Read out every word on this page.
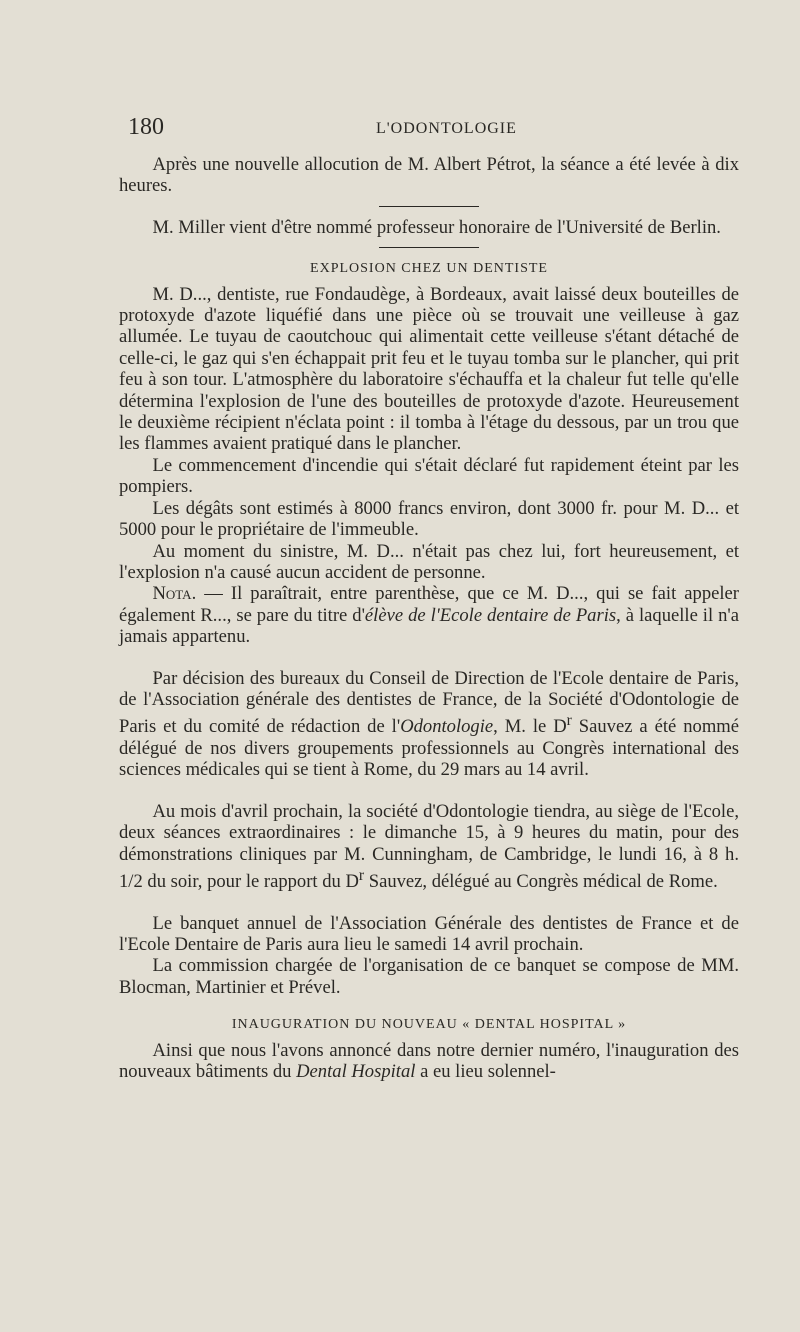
180	L'ODONTOLOGIE

Après une nouvelle allocution de M. Albert Pétrot, la séance a été levée à dix heures.

M. Miller vient d'être nommé professeur honoraire de l'Université de Berlin.

EXPLOSION CHEZ UN DENTISTE

M. D..., dentiste, rue Fondaudège, à Bordeaux, avait laissé deux bouteilles de protoxyde d'azote liquéfié dans une pièce où se trouvait une veilleuse à gaz allumée. Le tuyau de caoutchouc qui alimentait cette veilleuse s'étant détaché de celle-ci, le gaz qui s'en échappait prit feu et le tuyau tomba sur le plancher, qui prit feu à son tour. L'atmosphère du laboratoire s'échauffa et la chaleur fut telle qu'elle détermina l'explosion de l'une des bouteilles de protoxyde d'azote. Heureusement le deuxième récipient n'éclata point : il tomba à l'étage du dessous, par un trou que les flammes avaient pratiqué dans le plancher.

Le commencement d'incendie qui s'était déclaré fut rapidement éteint par les pompiers.

Les dégâts sont estimés à 8000 francs environ, dont 3000 fr. pour M. D... et 5000 pour le propriétaire de l'immeuble.

Au moment du sinistre, M. D... n'était pas chez lui, fort heureusement, et l'explosion n'a causé aucun accident de personne.

Nota. — Il paraîtrait, entre parenthèse, que ce M. D..., qui se fait appeler également R..., se pare du titre d'élève de l'Ecole dentaire de Paris, à laquelle il n'a jamais appartenu.

Par décision des bureaux du Conseil de Direction de l'Ecole dentaire de Paris, de l'Association générale des dentistes de France, de la Société d'Odontologie de Paris et du comité de rédaction de l'Odontologie, M. le $D^r$ Sauvez a été nommé délégué de nos divers groupements professionnels au Congrès international des sciences médicales qui se tient à Rome, du 29 mars au 14 avril.

Au mois d'avril prochain, la société d'Odontologie tiendra, au siège de l'Ecole, deux séances extraordinaires : le dimanche 15, à 9 heures du matin, pour des démonstrations cliniques par M. Cunningham, de Cambridge, le lundi 16, à 8 h. 1/2 du soir, pour le rapport du $D^r$ Sauvez, délégué au Congrès médical de Rome.

Le banquet annuel de l'Association Générale des dentistes de France et de l'Ecole Dentaire de Paris aura lieu le samedi 14 avril prochain.

La commission chargée de l'organisation de ce banquet se compose de MM. Blocman, Martinier et Prével.

INAUGURATION DU NOUVEAU « DENTAL HOSPITAL »

Ainsi que nous l'avons annoncé dans notre dernier numéro, l'inauguration des nouveaux bâtiments du Dental Hospital a eu lieu solennel-
